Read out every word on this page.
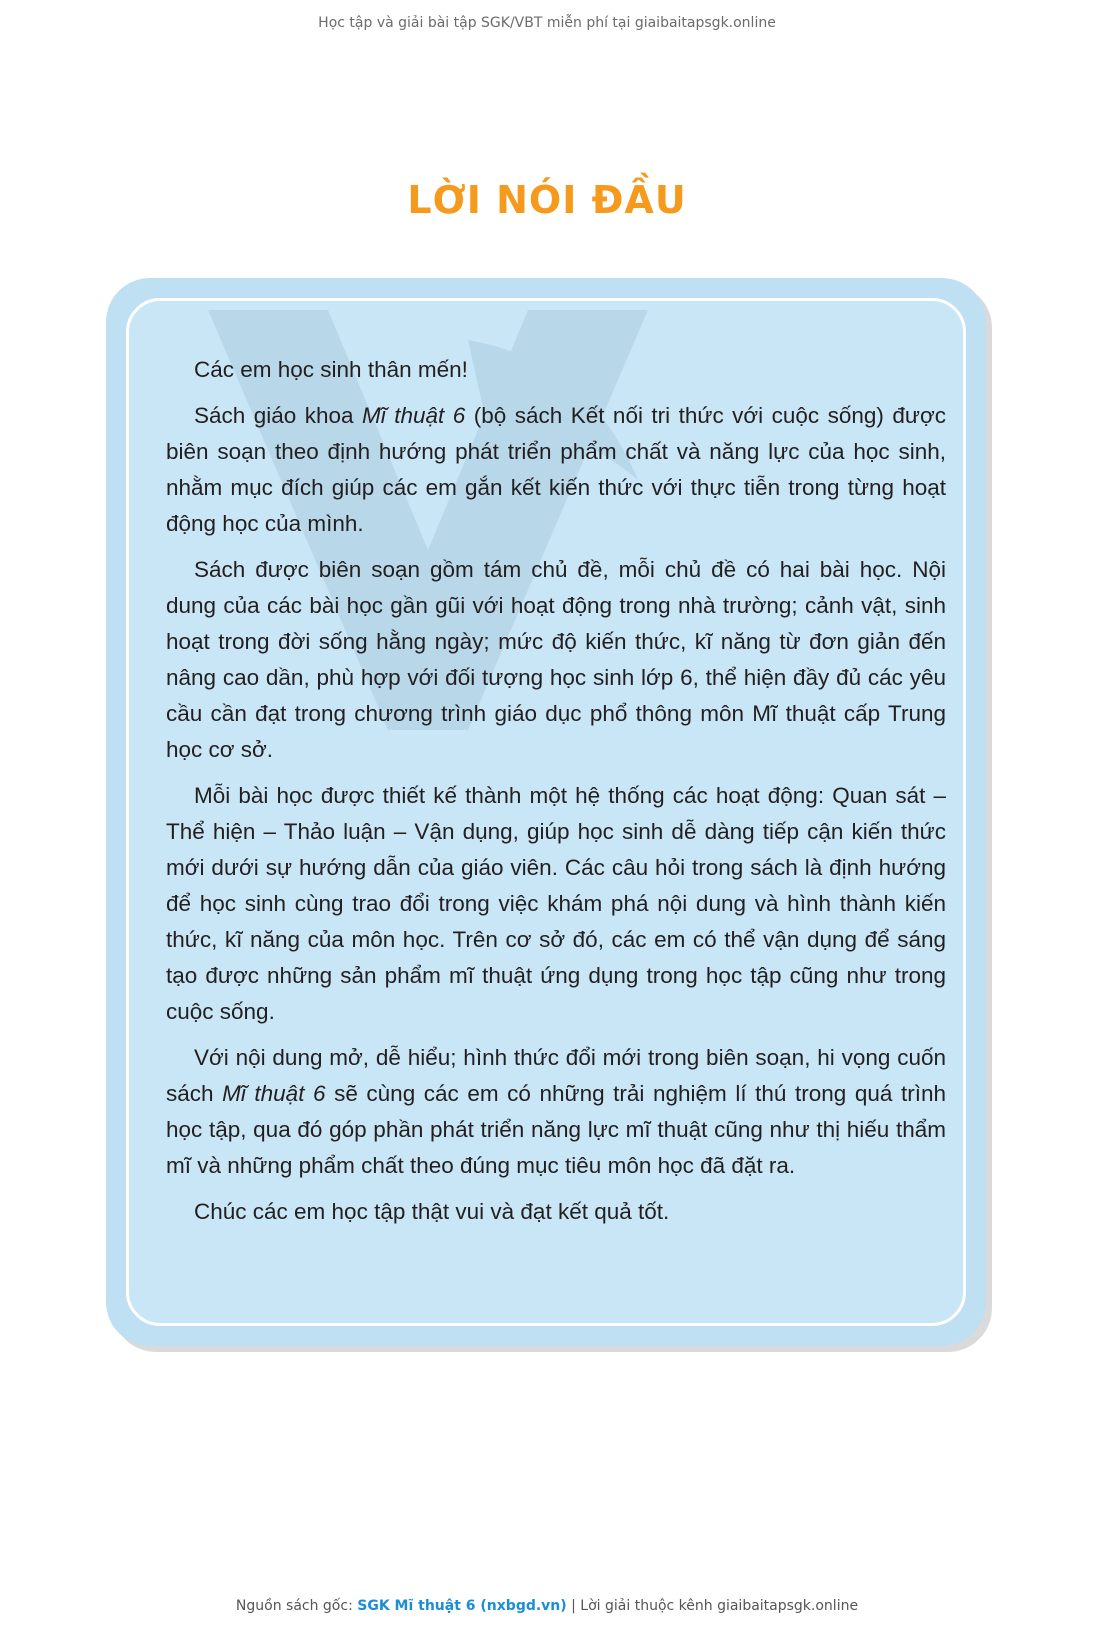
Học tập và giải bài tập SGK/VBT miễn phí tại giaibaitapsgk.online
LỜI NÓI ĐẦU

Các em học sinh thân mến!

Sách giáo khoa Mĩ thuật 6 (bộ sách Kết nối tri thức với cuộc sống) được biên soạn theo định hướng phát triển phẩm chất và năng lực của học sinh, nhằm mục đích giúp các em gắn kết kiến thức với thực tiễn trong từng hoạt động học của mình.

Sách được biên soạn gồm tám chủ đề, mỗi chủ đề có hai bài học. Nội dung của các bài học gần gũi với hoạt động trong nhà trường; cảnh vật, sinh hoạt trong đời sống hằng ngày; mức độ kiến thức, kĩ năng từ đơn giản đến nâng cao dần, phù hợp với đối tượng học sinh lớp 6, thể hiện đầy đủ các yêu cầu cần đạt trong chương trình giáo dục phổ thông môn Mĩ thuật cấp Trung học cơ sở.

Mỗi bài học được thiết kế thành một hệ thống các hoạt động: Quan sát – Thể hiện – Thảo luận – Vận dụng, giúp học sinh dễ dàng tiếp cận kiến thức mới dưới sự hướng dẫn của giáo viên. Các câu hỏi trong sách là định hướng để học sinh cùng trao đổi trong việc khám phá nội dung và hình thành kiến thức, kĩ năng của môn học. Trên cơ sở đó, các em có thể vận dụng để sáng tạo được những sản phẩm mĩ thuật ứng dụng trong học tập cũng như trong cuộc sống.

Với nội dung mở, dễ hiểu; hình thức đổi mới trong biên soạn, hi vọng cuốn sách Mĩ thuật 6 sẽ cùng các em có những trải nghiệm lí thú trong quá trình học tập, qua đó góp phần phát triển năng lực mĩ thuật cũng như thị hiếu thẩm mĩ và những phẩm chất theo đúng mục tiêu môn học đã đặt ra.

Chúc các em học tập thật vui và đạt kết quả tốt.

Nguồn sách gốc: SGK Mĩ thuật 6 (nxbgd.vn) | Lời giải thuộc kênh giaibaitapsgk.online
